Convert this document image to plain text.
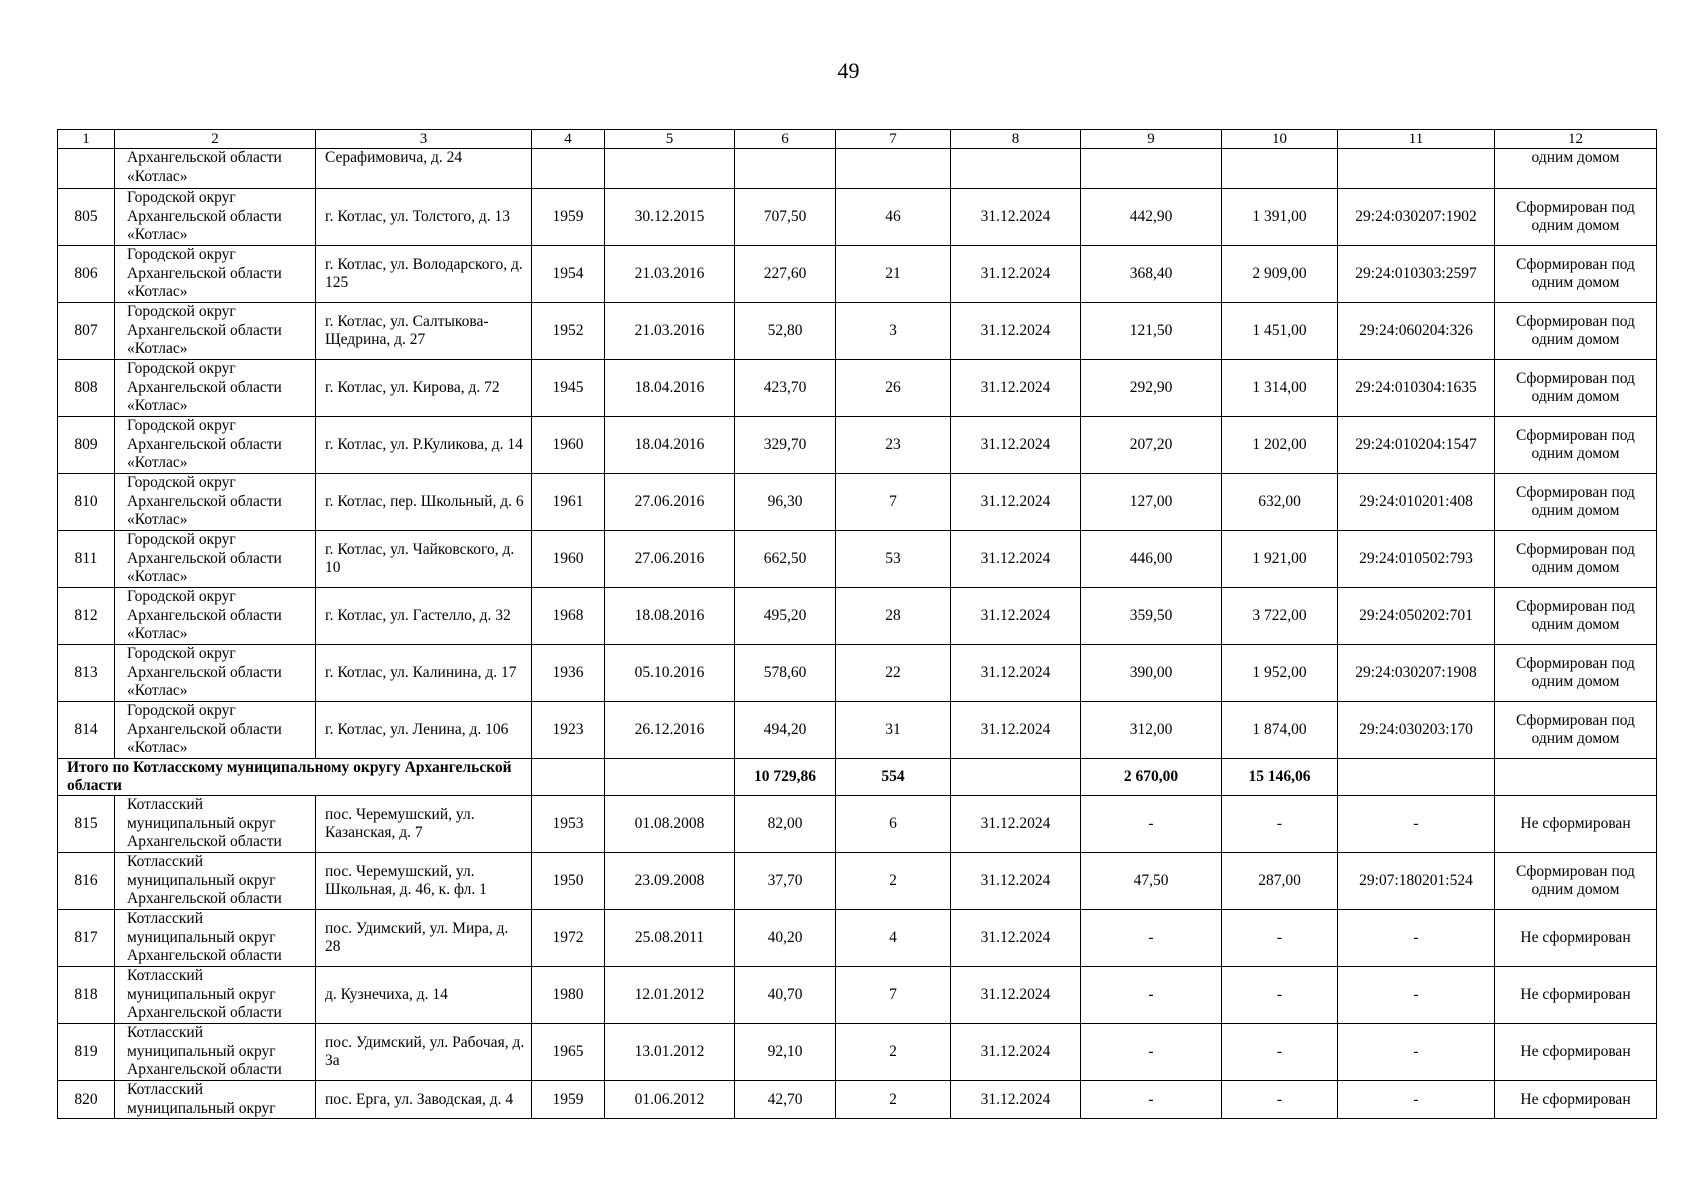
49
1	2	3	4	5	6	7	8	9	10	11	12
	Архангельской области «Котлас»	Серафимовича, д. 24									одним домом
805	Городской округ Архангельской области «Котлас»	г. Котлас, ул. Толстого, д. 13	1959	30.12.2015	707,50	46	31.12.2024	442,90	1 391,00	29:24:030207:1902	Сформирован под одним домом
806	Городской округ Архангельской области «Котлас»	г. Котлас, ул. Володарского, д. 125	1954	21.03.2016	227,60	21	31.12.2024	368,40	2 909,00	29:24:010303:2597	Сформирован под одним домом
807	Городской округ Архангельской области «Котлас»	г. Котлас, ул. Салтыкова-Щедрина, д. 27	1952	21.03.2016	52,80	3	31.12.2024	121,50	1 451,00	29:24:060204:326	Сформирован под одним домом
808	Городской округ Архангельской области «Котлас»	г. Котлас, ул. Кирова, д. 72	1945	18.04.2016	423,70	26	31.12.2024	292,90	1 314,00	29:24:010304:1635	Сформирован под одним домом
809	Городской округ Архангельской области «Котлас»	г. Котлас, ул. Р.Куликова, д. 14	1960	18.04.2016	329,70	23	31.12.2024	207,20	1 202,00	29:24:010204:1547	Сформирован под одним домом
810	Городской округ Архангельской области «Котлас»	г. Котлас, пер. Школьный, д. 6	1961	27.06.2016	96,30	7	31.12.2024	127,00	632,00	29:24:010201:408	Сформирован под одним домом
811	Городской округ Архангельской области «Котлас»	г. Котлас, ул. Чайковского, д. 10	1960	27.06.2016	662,50	53	31.12.2024	446,00	1 921,00	29:24:010502:793	Сформирован под одним домом
812	Городской округ Архангельской области «Котлас»	г. Котлас, ул. Гастелло, д. 32	1968	18.08.2016	495,20	28	31.12.2024	359,50	3 722,00	29:24:050202:701	Сформирован под одним домом
813	Городской округ Архангельской области «Котлас»	г. Котлас, ул. Калинина, д. 17	1936	05.10.2016	578,60	22	31.12.2024	390,00	1 952,00	29:24:030207:1908	Сформирован под одним домом
814	Городской округ Архангельской области «Котлас»	г. Котлас, ул. Ленина, д. 106	1923	26.12.2016	494,20	31	31.12.2024	312,00	1 874,00	29:24:030203:170	Сформирован под одним домом
Итого по Котласскому муниципальному округу Архангельской области					10 729,86	554		2 670,00	15 146,06		
815	Котласский муниципальный округ Архангельской области	пос. Черемушский, ул. Казанская, д. 7	1953	01.08.2008	82,00	6	31.12.2024	-	-	-	Не сформирован
816	Котласский муниципальный округ Архангельской области	пос. Черемушский, ул. Школьная, д. 46, к. фл. 1	1950	23.09.2008	37,70	2	31.12.2024	47,50	287,00	29:07:180201:524	Сформирован под одним домом
817	Котласский муниципальный округ Архангельской области	пос. Удимский, ул. Мира, д. 28	1972	25.08.2011	40,20	4	31.12.2024	-	-	-	Не сформирован
818	Котласский муниципальный округ Архангельской области	д. Кузнечиха, д. 14	1980	12.01.2012	40,70	7	31.12.2024	-	-	-	Не сформирован
819	Котласский муниципальный округ Архангельской области	пос. Удимский, ул. Рабочая, д. 3а	1965	13.01.2012	92,10	2	31.12.2024	-	-	-	Не сформирован
820	Котласский муниципальный округ	пос. Ерга, ул. Заводская, д. 4	1959	01.06.2012	42,70	2	31.12.2024	-	-	-	Не сформирован
